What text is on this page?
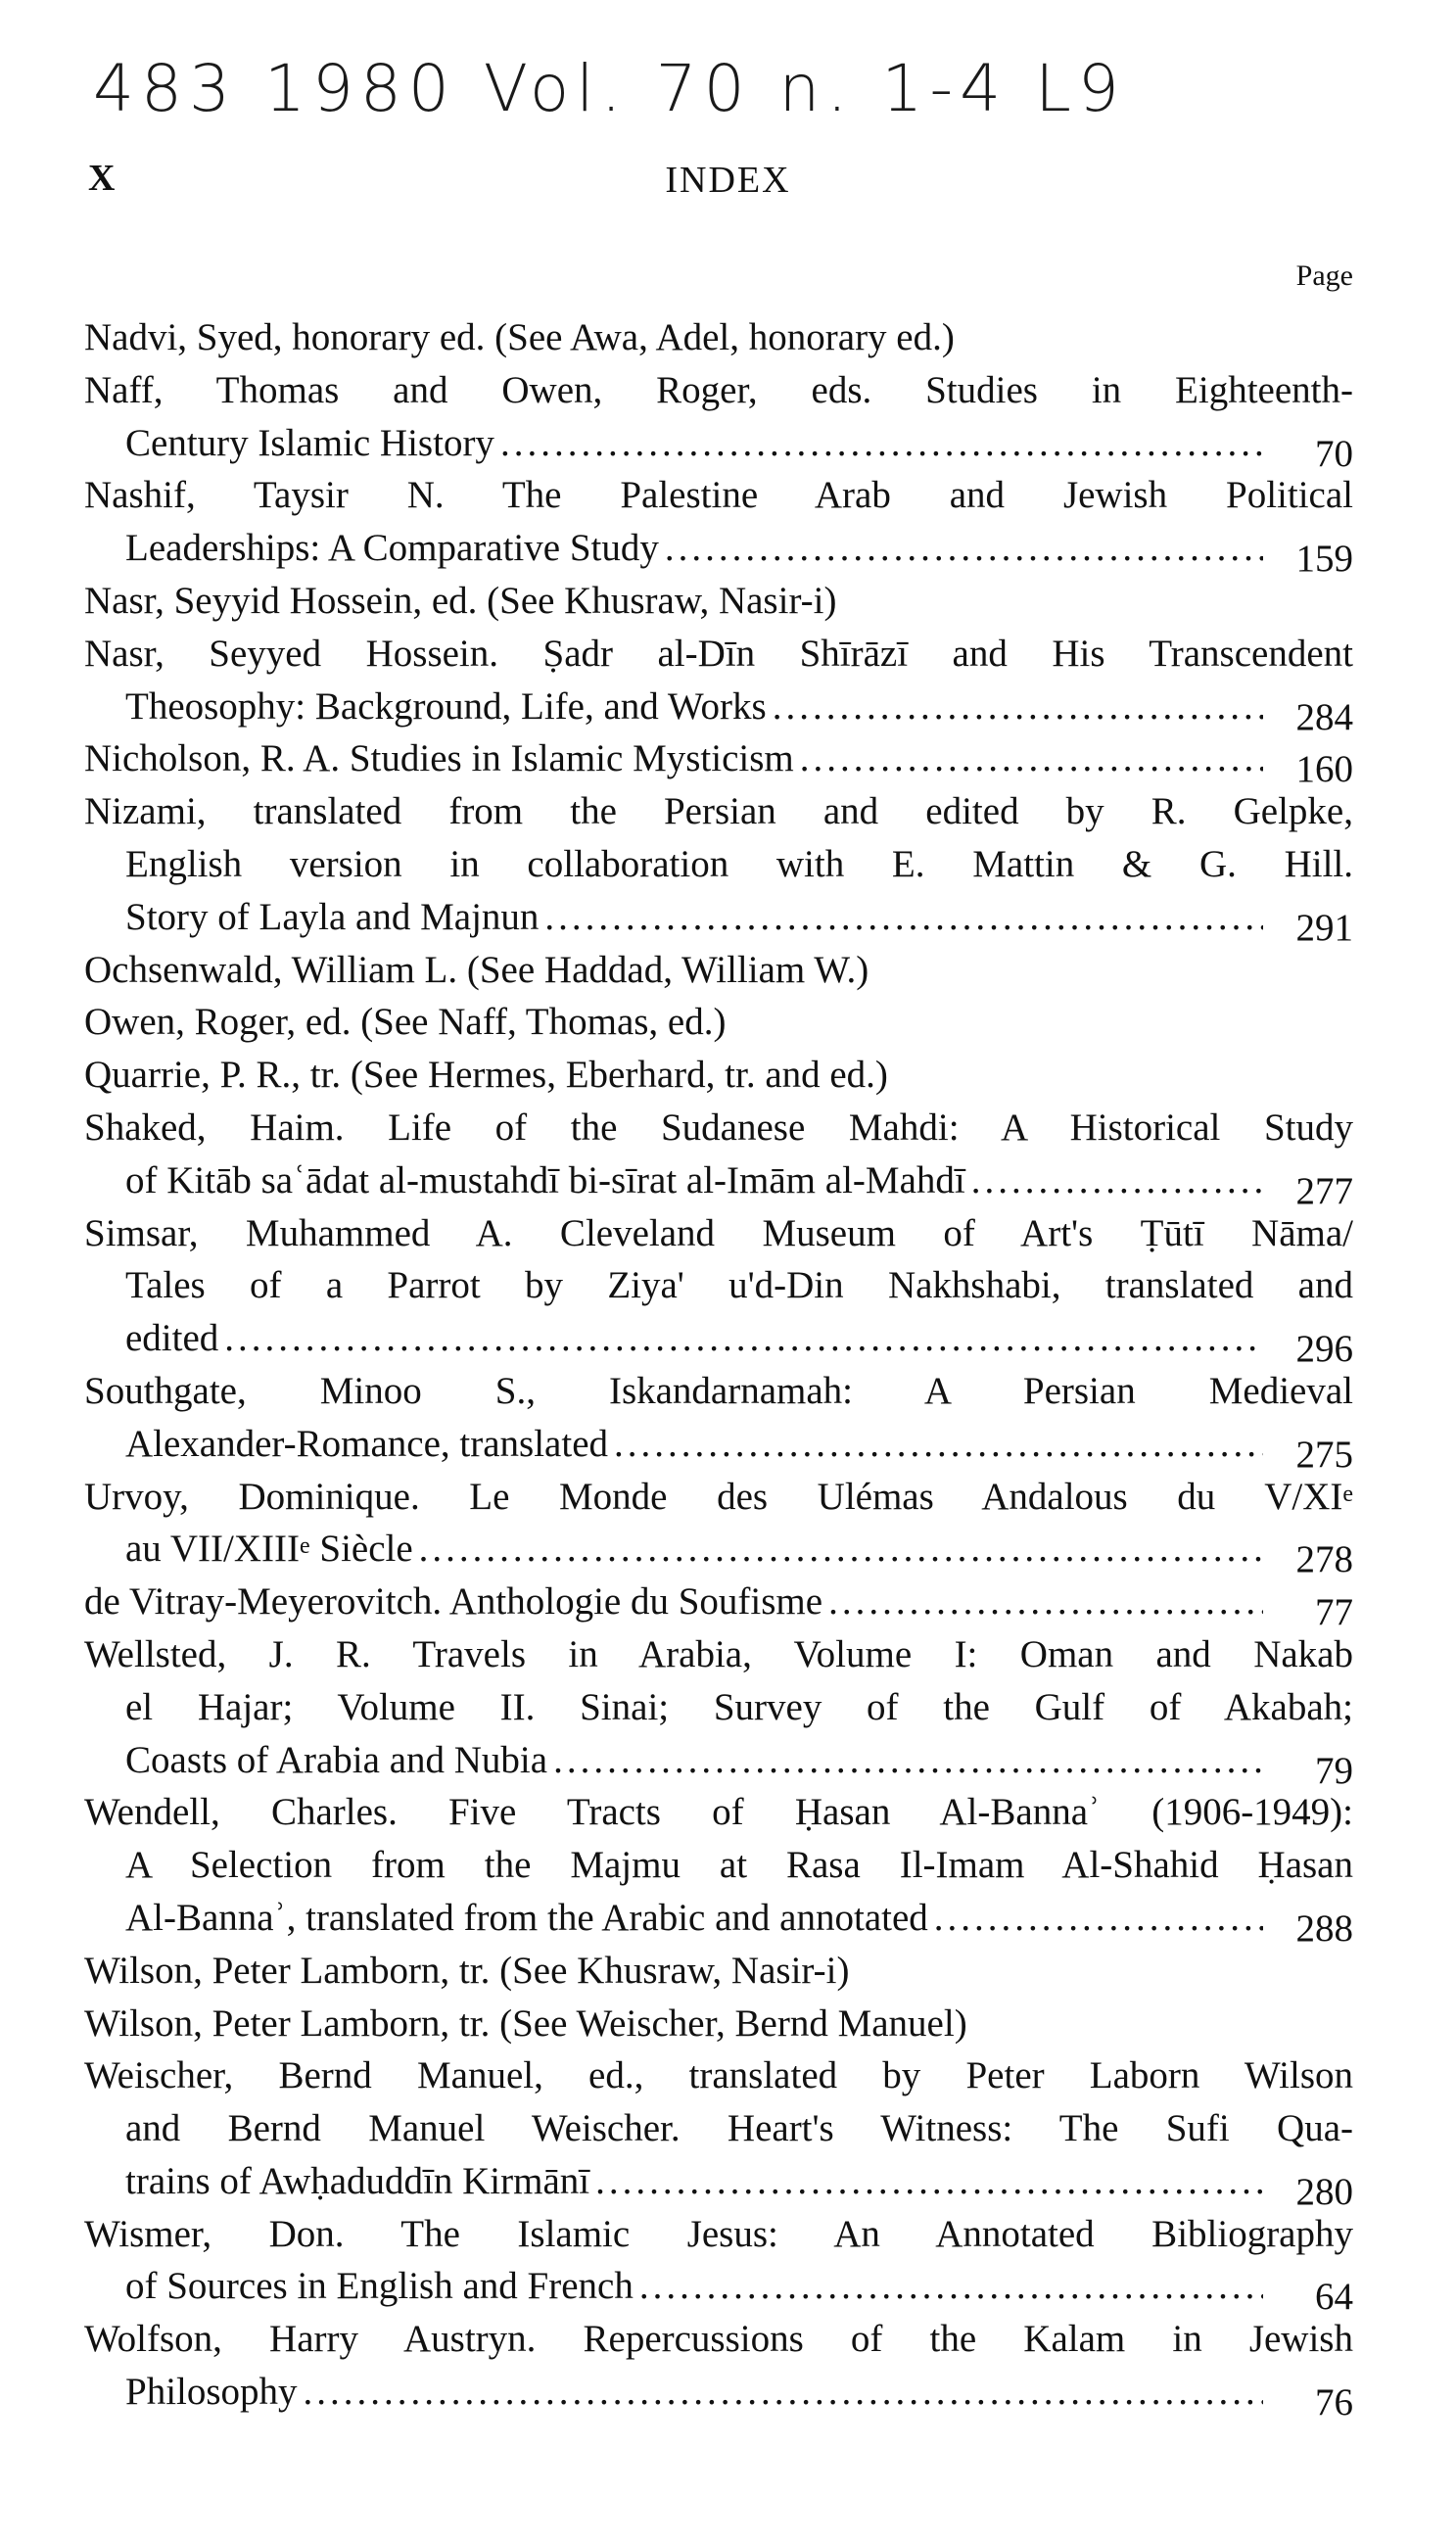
483 1980 Vol. 70 n. 1-4 L9
X	INDEX
Page
Nadvi, Syed, honorary ed. (See Awa, Adel, honorary ed.)
Naff, Thomas and Owen, Roger, eds. Studies in Eighteenth-
Century Islamic History .....	70
Nashif, Taysir N. The Palestine Arab and Jewish Political
Leaderships: A Comparative Study .....	159
Nasr, Seyyid Hossein, ed. (See Khusraw, Nasir-i)
Nasr, Seyyed Hossein. Ṣadr al-Dīn Shīrāzī and His Transcendent
Theosophy: Background, Life, and Works .....	284
Nicholson, R. A. Studies in Islamic Mysticism .....	160
Nizami, translated from the Persian and edited by R. Gelpke,
English version in collaboration with E. Mattin & G. Hill.
Story of Layla and Majnun .....	291
Ochsenwald, William L. (See Haddad, William W.)
Owen, Roger, ed. (See Naff, Thomas, ed.)
Quarrie, P. R., tr. (See Hermes, Eberhard, tr. and ed.)
Shaked, Haim. Life of the Sudanese Mahdi: A Historical Study
of Kitāb saʿādat al-mustahdī bi-sīrat al-Imām al-Mahdī .....	277
Simsar, Muhammed A. Cleveland Museum of Art's Ṭūtī Nāma/
Tales of a Parrot by Ziya' u'd-Din Nakhshabi, translated and
edited .....	296
Southgate, Minoo S., Iskandarnamah: A Persian Medieval
Alexander-Romance, translated .....	275
Urvoy, Dominique. Le Monde des Ulémas Andalous du V/XIe
au VII/XIIIe Siècle .....	278
de Vitray-Meyerovitch. Anthologie du Soufisme .....	77
Wellsted, J. R. Travels in Arabia, Volume I: Oman and Nakab
el Hajar; Volume II. Sinai; Survey of the Gulf of Akabah;
Coasts of Arabia and Nubia .....	79
Wendell, Charles. Five Tracts of Ḥasan Al-Bannaʾ (1906-1949):
A Selection from the Majmu at Rasa Il-Imam Al-Shahid Ḥasan
Al-Bannaʾ, translated from the Arabic and annotated .....	288
Wilson, Peter Lamborn, tr. (See Khusraw, Nasir-i)
Wilson, Peter Lamborn, tr. (See Weischer, Bernd Manuel)
Weischer, Bernd Manuel, ed., translated by Peter Laborn Wilson
and Bernd Manuel Weischer. Heart's Witness: The Sufi Qua-
trains of Awḥaduddīn Kirmānī .....	280
Wismer, Don. The Islamic Jesus: An Annotated Bibliography
of Sources in English and French .....	64
Wolfson, Harry Austryn. Repercussions of the Kalam in Jewish
Philosophy .....	76
